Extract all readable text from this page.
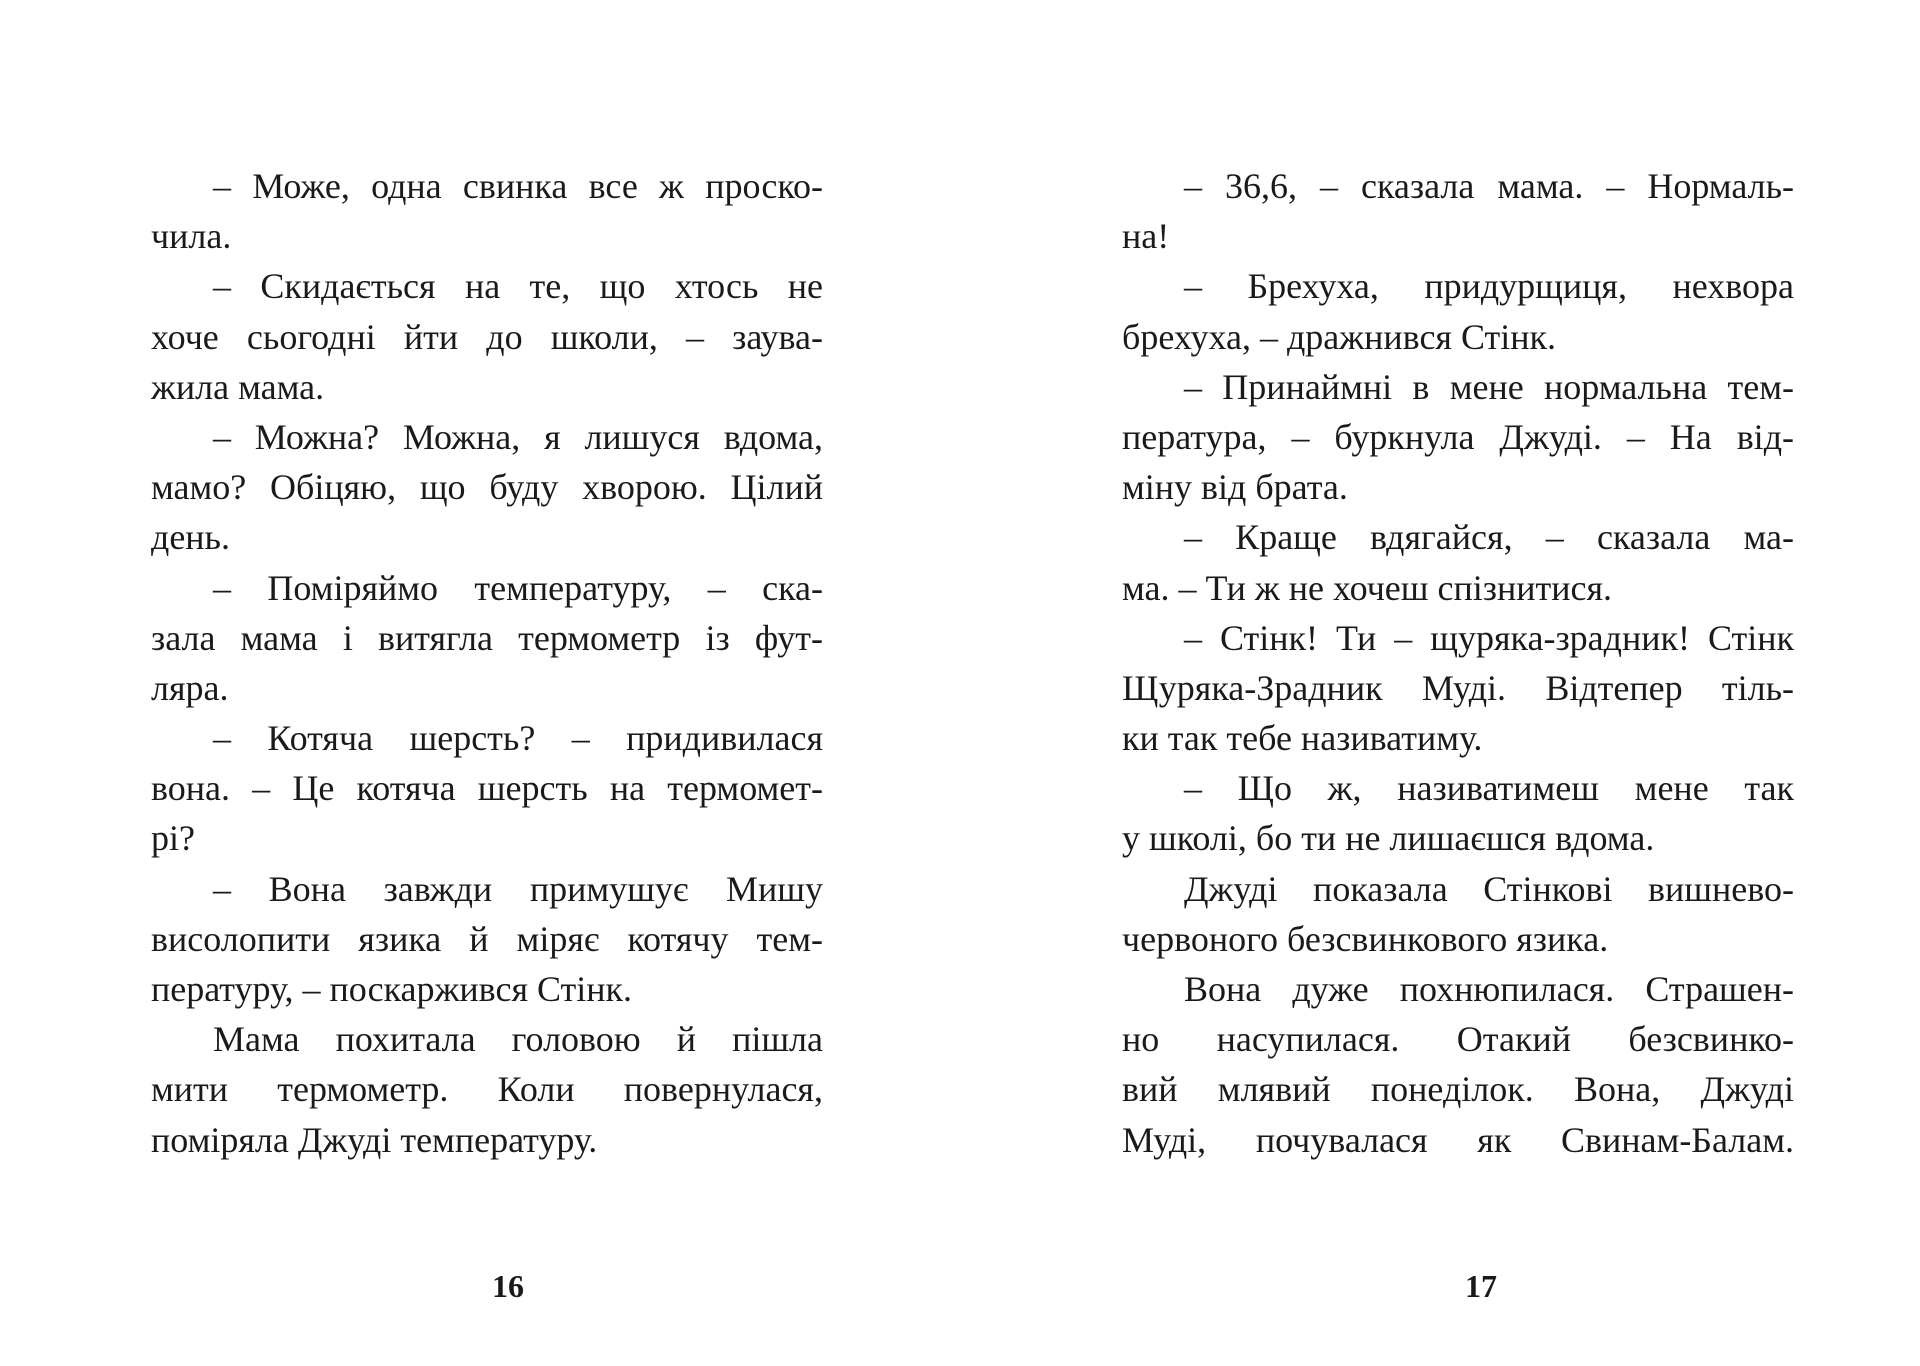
– Може, одна свинка все ж проско-
чила.
– Скидається на те, що хтось не
хоче сьогодні йти до школи, – заува-
жила мама.
– Можна? Можна, я лишуся вдома,
мамо? Обіцяю, що буду хворою. Цілий
день.
– Поміряймо температуру, – ска-
зала мама і витягла термометр із фут-
ляра.
– Котяча шерсть? – придивилася
вона. – Це котяча шерсть на термомет-
рі?
– Вона завжди примушує Мишу
висолопити язика й міряє котячу тем-
пературу, – поскаржився Стінк.
Мама похитала головою й пішла
мити термометр. Коли повернулася,
поміряла Джуді температуру.
– 36,6, – сказала мама. – Нормаль-
на!
– Брехуха, придурщиця, нехвора
брехуха, – дражнився Стінк.
– Принаймні в мене нормальна тем-
пература, – буркнула Джуді. – На від-
міну від брата.
– Краще вдягайся, – сказала ма-
ма. – Ти ж не хочеш спізнитися.
– Стінк! Ти – щуряка-зрадник! Стінк
Щуряка-Зрадник Муді. Відтепер тіль-
ки так тебе називатиму.
– Що ж, називатимеш мене так
у школі, бо ти не лишаєшся вдома.
Джуді показала Стінкові вишнево-
червоного безсвинкового язика.
Вона дуже похнюпилася. Страшен-
но насупилася. Отакий безсвинко-
вий млявий понеділок. Вона, Джуді
Муді, почувалася як Свинам-Балам.
16	17
